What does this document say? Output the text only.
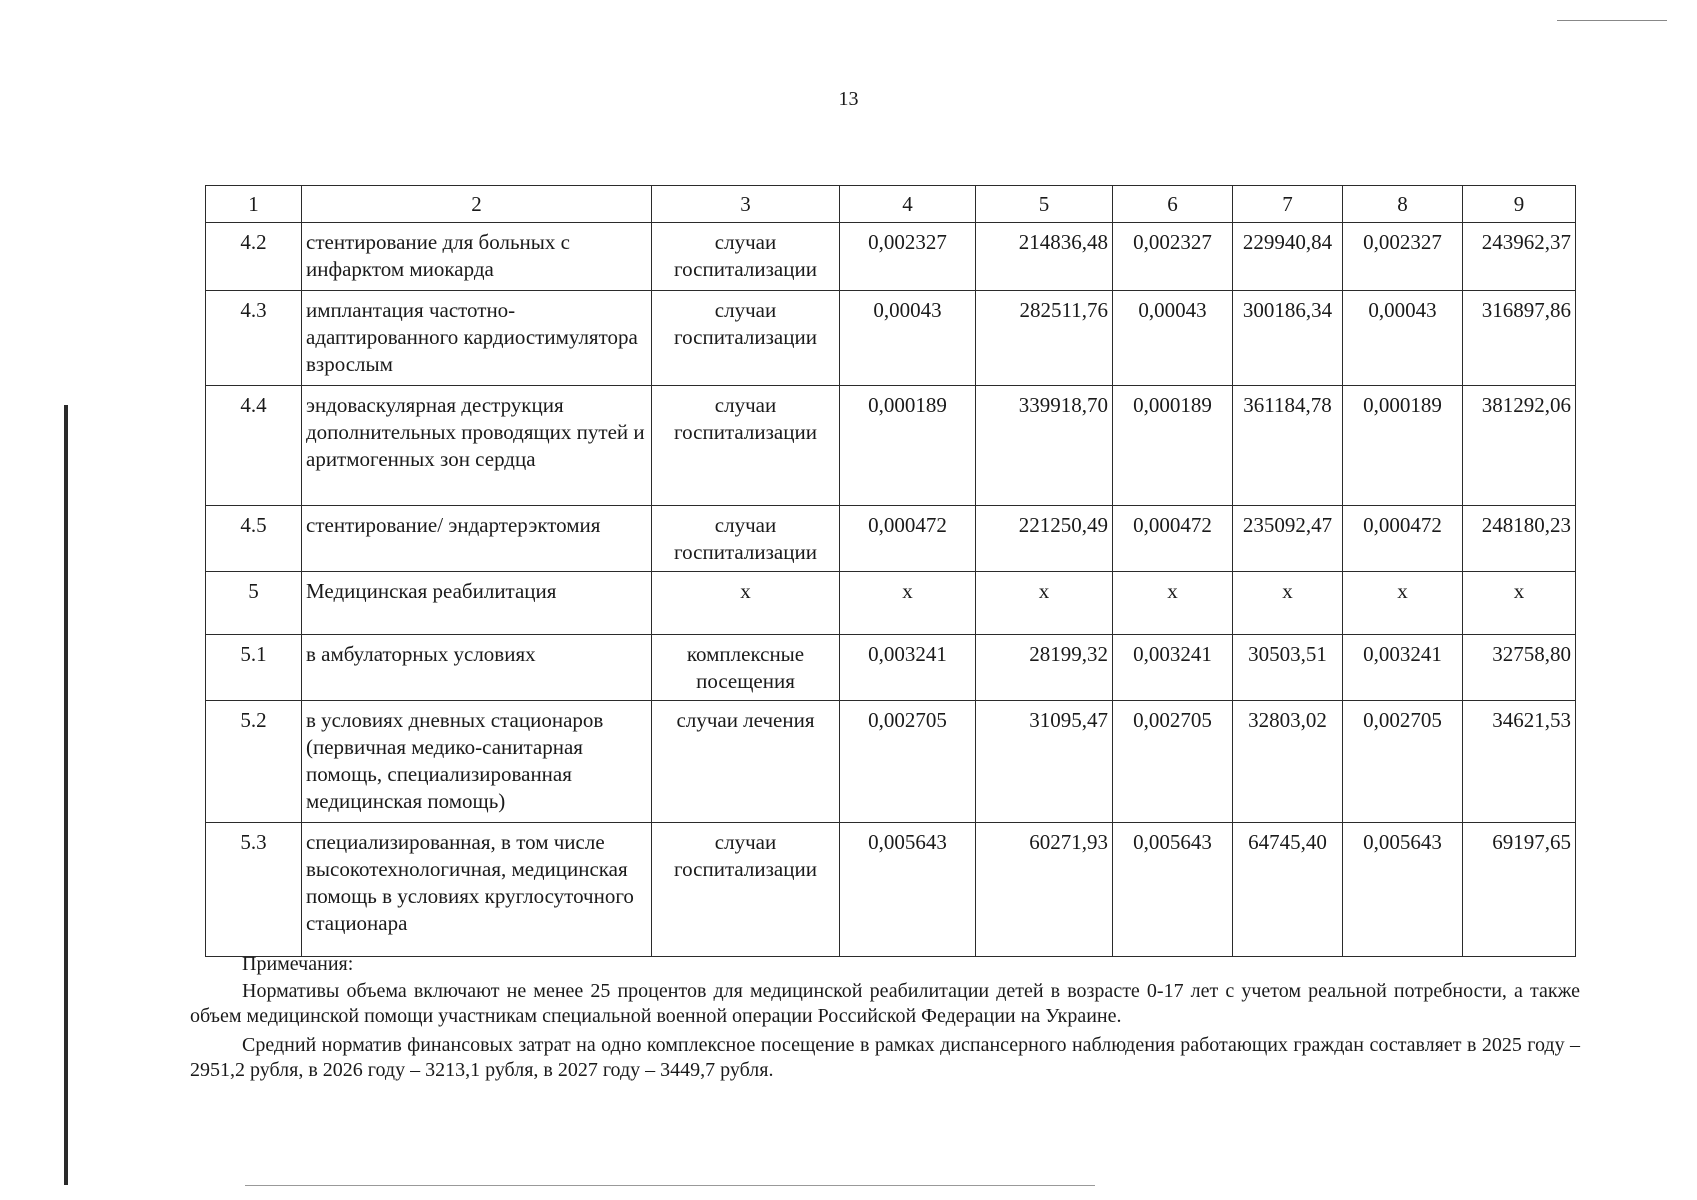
13
1	2	3	4	5	6	7	8	9
4.2	стентирование для больных с инфарктом миокарда	случаи госпитализации	0,002327	214836,48	0,002327	229940,84	0,002327	243962,37
4.3	имплантация частотно-адаптированного кардиостимулятора взрослым	случаи госпитализации	0,00043	282511,76	0,00043	300186,34	0,00043	316897,86
4.4	эндоваскулярная деструкция дополнительных проводящих путей и аритмогенных зон сердца	случаи госпитализации	0,000189	339918,70	0,000189	361184,78	0,000189	381292,06
4.5	стентирование/ эндартерэктомия	случаи госпитализации	0,000472	221250,49	0,000472	235092,47	0,000472	248180,23
5	Медицинская реабилитация	х	х	х	х	х	х	х
5.1	в амбулаторных условиях	комплексные посещения	0,003241	28199,32	0,003241	30503,51	0,003241	32758,80
5.2	в условиях дневных стационаров (первичная медико-санитарная помощь, специализированная медицинская помощь)	случаи лечения	0,002705	31095,47	0,002705	32803,02	0,002705	34621,53
5.3	специализированная, в том числе высокотехнологичная, медицинская помощь в условиях круглосуточного стационара	случаи госпитализации	0,005643	60271,93	0,005643	64745,40	0,005643	69197,65
Примечания:

Нормативы объема включают не менее 25 процентов для медицинской реабилитации детей в возрасте 0-17 лет с учетом реальной потребности, а также объем медицинской помощи участникам специальной военной операции Российской Федерации на Украине.

Средний норматив финансовых затрат на одно комплексное посещение в рамках диспансерного наблюдения работающих граждан составляет в 2025 году – 2951,2 рубля, в 2026 году – 3213,1 рубля, в 2027 году – 3449,7 рубля.
